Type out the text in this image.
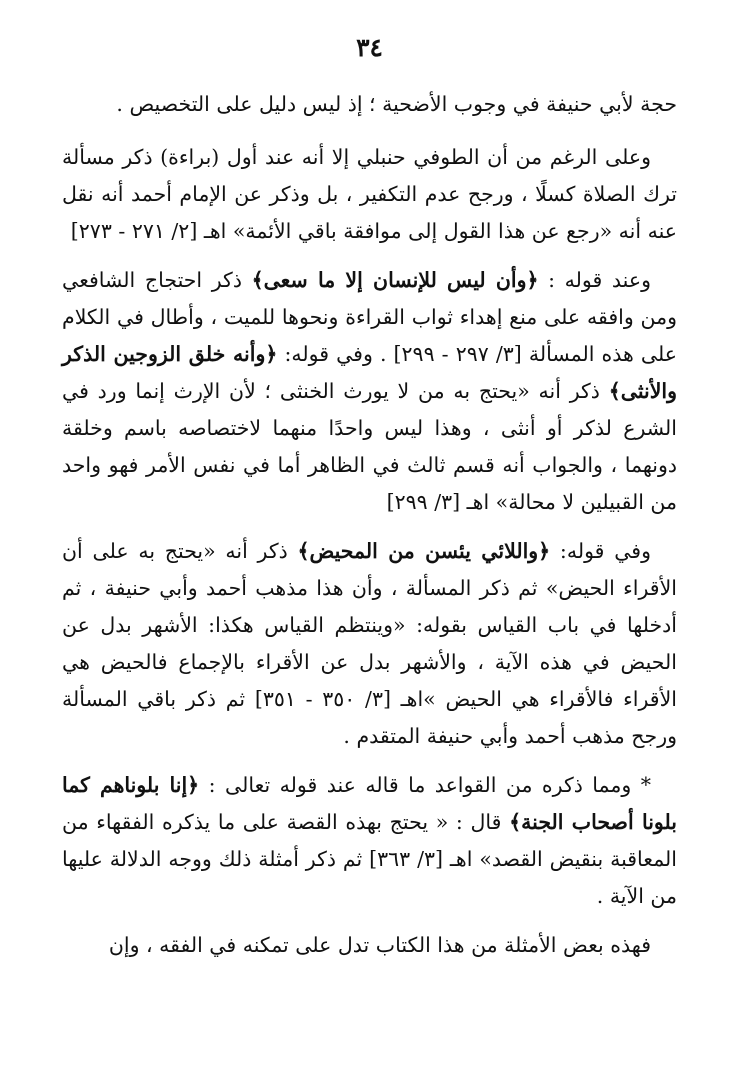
٣٤

حجة لأبي حنيفة في وجوب الأضحية ؛ إذ ليس دليل على التخصيص .

وعلى الرغم من أن الطوفي حنبلي إلا أنه عند أول (براءة) ذكر مسألة ترك الصلاة كسلًا ، ورجح عدم التكفير ، بل وذكر عن الإمام أحمد أنه نقل عنه أنه «رجع عن هذا القول إلى موافقة باقي الأئمة» اهـ [٢/ ٢٧١ - ٢٧٣]

وعند قوله : ﴿وأن ليس للإنسان إلا ما سعى﴾ ذكر احتجاج الشافعي ومن وافقه على منع إهداء ثواب القراءة ونحوها للميت ، وأطال في الكلام على هذه المسألة [٣/ ٢٩٧ - ٢٩٩] . وفي قوله: ﴿وأنه خلق الزوجين الذكر والأنثى﴾ ذكر أنه «يحتج به من لا يورث الخنثى ؛ لأن الإرث إنما ورد في الشرع لذكر أو أنثى ، وهذا ليس واحدًا منهما لاختصاصه باسم وخلقة دونهما ، والجواب أنه قسم ثالث في الظاهر أما في نفس الأمر فهو واحد من القبيلين لا محالة» اهـ [٣/ ٢٩٩]

وفي قوله: ﴿واللائي يئسن من المحيض﴾ ذكر أنه «يحتج به على أن الأقراء الحيض» ثم ذكر المسألة ، وأن هذا مذهب أحمد وأبي حنيفة ، ثم أدخلها في باب القياس بقوله: «وينتظم القياس هكذا: الأشهر بدل عن الحيض في هذه الآية ، والأشهر بدل عن الأقراء بالإجماع فالحيض هي الأقراء فالأقراء هي الحيض »اهـ [٣/ ٣٥٠ - ٣٥١] ثم ذكر باقي المسألة ورجح مذهب أحمد وأبي حنيفة المتقدم .

* ومما ذكره من القواعد ما قاله عند قوله تعالى : ﴿إنا بلوناهم كما بلونا أصحاب الجنة﴾ قال : « يحتج بهذه القصة على ما يذكره الفقهاء من المعاقبة بنقيض القصد» اهـ [٣/ ٣٦٣] ثم ذكر أمثلة ذلك ووجه الدلالة عليها من الآية .

فهذه بعض الأمثلة من هذا الكتاب تدل على تمكنه في الفقه ، وإن
